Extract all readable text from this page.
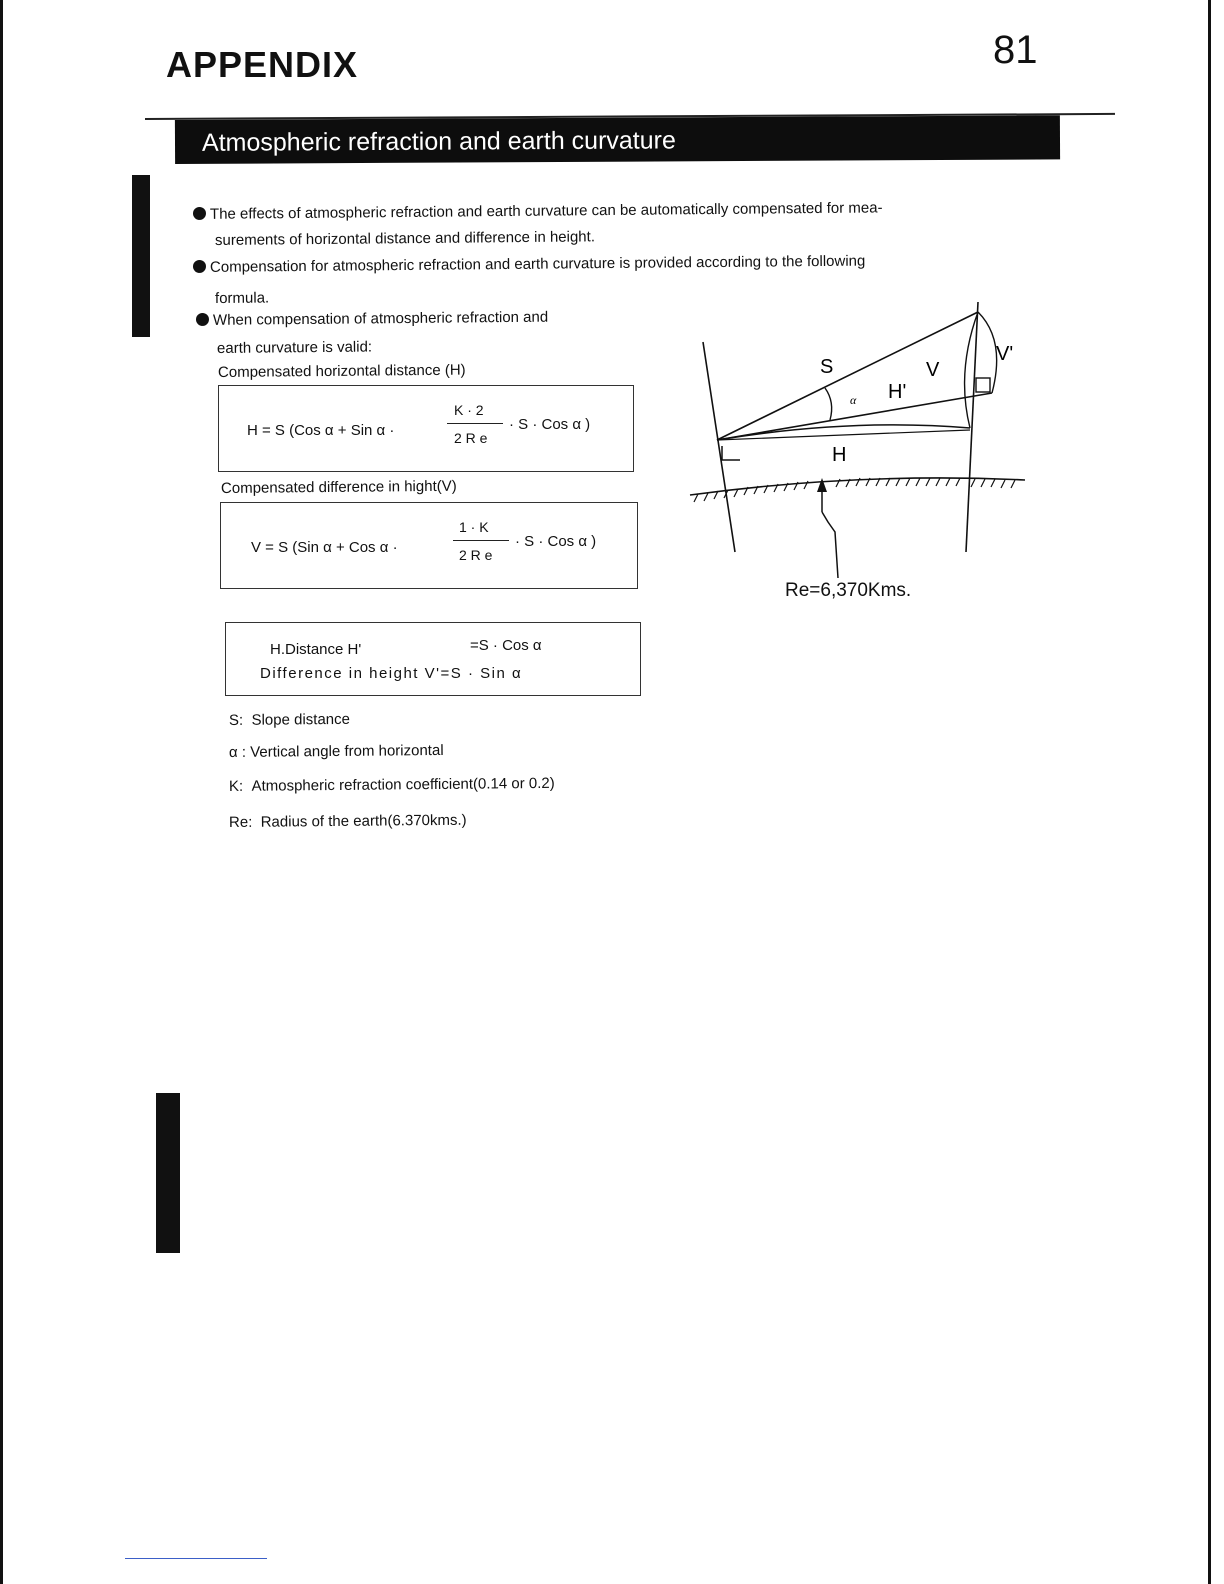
APPENDIX	81
Atmospheric refraction and earth curvature
The effects of atmospheric refraction and earth curvature can be automatically compensated for mea-
surements of horizontal distance and difference in height.
Compensation for atmospheric refraction and earth curvature is provided according to the following
formula.
When compensation of atmospheric refraction and
earth curvature is valid:
Compensated horizontal distance (H)
H = S (Cos α + Sin α ·
K · 2
2 R e
· S · Cos α )
Compensated difference in hight(V)
V = S (Sin α + Cos α ·
1 · K
2 R e
· S · Cos α )
H.Distance H'	=S · Cos α
Difference in height V'=S · Sin α
S: Slope distance
α : Vertical angle from horizontal
K: Atmospheric refraction coefficient(0.14 or 0.2)
Re: Radius of the earth(6.370kms.)
S	V
V'
H'
α
H
Re=6,370Kms.
